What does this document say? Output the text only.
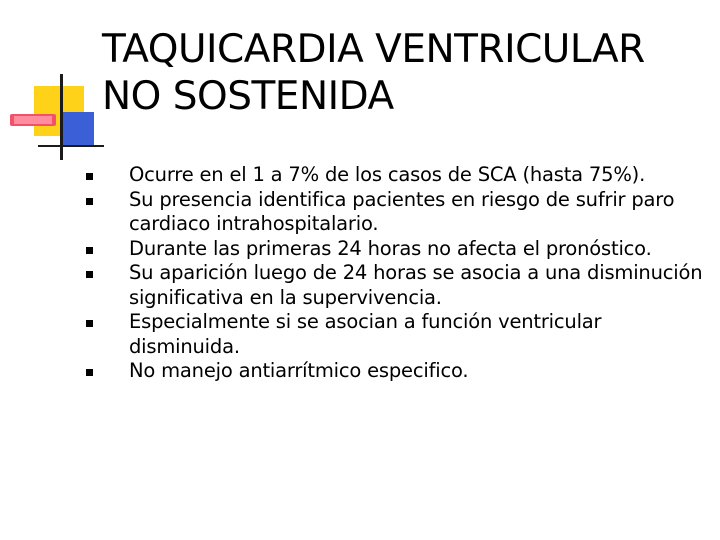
TAQUICARDIA VENTRICULAR
NO SOSTENIDA
Ocurre en el 1 a 7% de los casos de SCA (hasta 75%).
Su presencia identifica pacientes en riesgo de sufrir paro cardiaco intrahospitalario.
Durante las primeras 24 horas no afecta el pronóstico.
Su aparición luego de 24 horas se asocia a una disminución significativa en la supervivencia.
Especialmente si se asocian a función ventricular disminuida.
No manejo antiarrítmico especifico.
